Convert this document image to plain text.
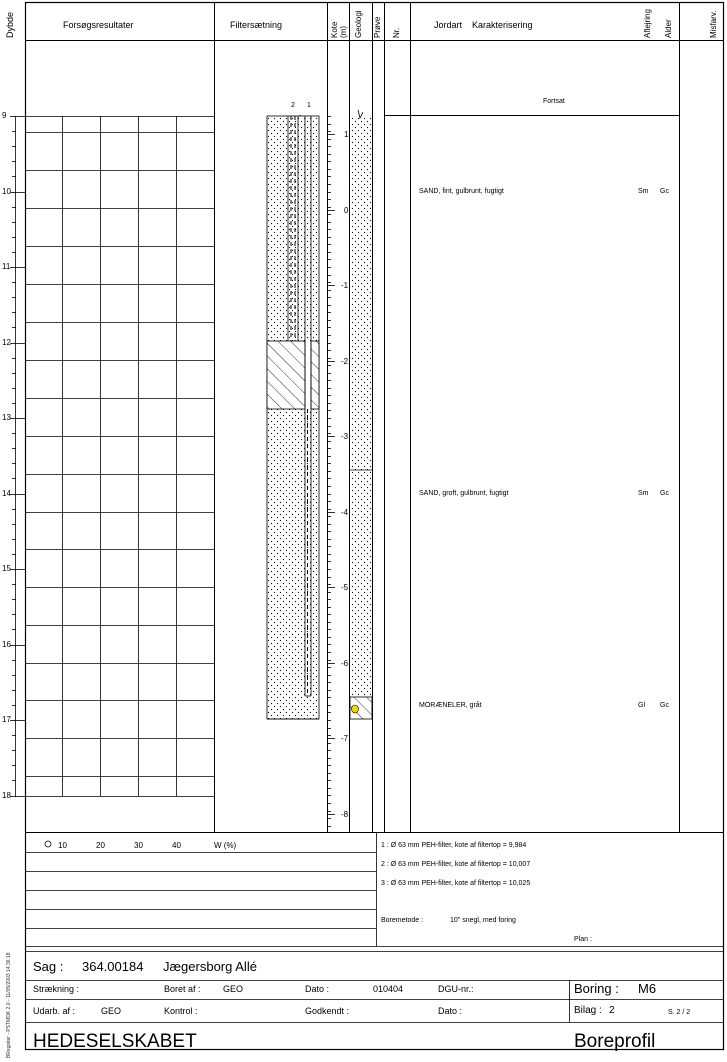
Dybde	Forsøgsresultater	Filtersætning	Kote (m) Geologi Prøve Nr.
Jordart Karakterisering	Aflejring Alder	Misfarv.
Fortsat
2 1
9
10
11
12
13
14
15
16
17
18
1
0
-1
-2
-3
-4
-5
-6
-7
-8
SAND, fint, gulbrunt, fugtigt	Sm Gc
SAND, groft, gulbrunt, fugtigt	Sm Gc
MORÆNELER, gråt	Gl Gc
10	20	30	40	W (%)	1 : Ø 63 mm PEH-filter, kote af filtertop = 9,984
2 : Ø 63 mm PEH-filter, kote af filtertop = 10,007
3 : Ø 63 mm PEH-filter, kote af filtertop = 10,025
Boremetode :	10" snegl, med foring
Plan :
Sag : 364.00184 Jægersborg Allé
Strækning :	Boret af : GEO	Dato :	010404	DGU-nr.:	Boring : M6
Udarb. af :	GEO	Kontrol :	Godkendt :	Dato :	Bilag : 2	S. 2 / 2
HEDESELSKABET	Boreprofil
BRegister - PSTMDK 2.0 - 11/05/2003 14:36:18
